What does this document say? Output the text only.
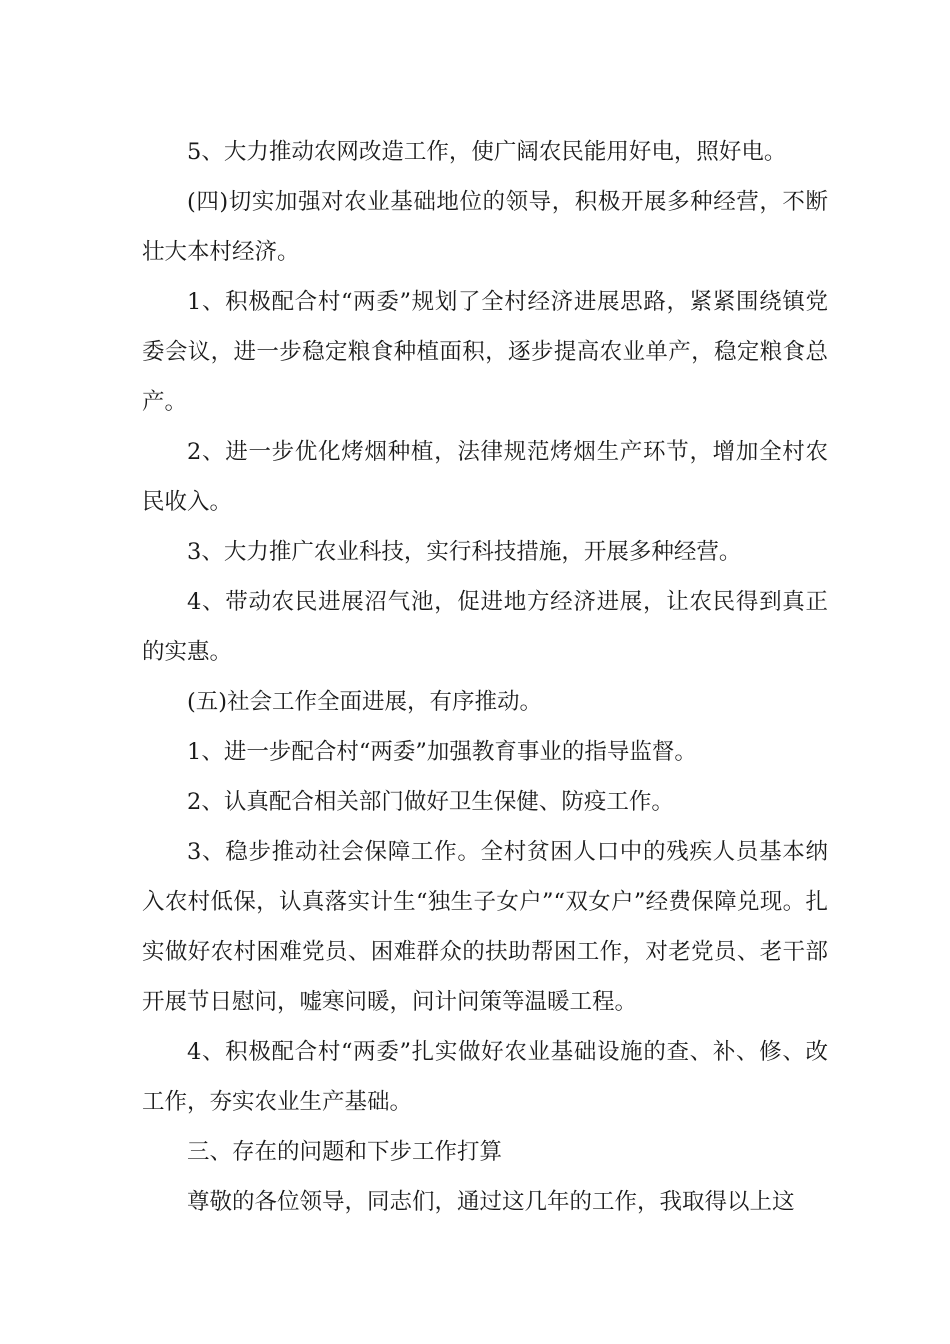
5、大力推动农网改造工作，使广阔农民能用好电，照好电。

(四)切实加强对农业基础地位的领导，积极开展多种经营，不断壮大本村经济。

1、积极配合村“两委”规划了全村经济进展思路，紧紧围绕镇党委会议，进一步稳定粮食种植面积，逐步提高农业单产，稳定粮食总产。

2、进一步优化烤烟种植，法律规范烤烟生产环节，增加全村农民收入。

3、大力推广农业科技，实行科技措施，开展多种经营。

4、带动农民进展沼气池，促进地方经济进展，让农民得到真正的实惠。

(五)社会工作全面进展，有序推动。

1、进一步配合村“两委”加强教育事业的指导监督。

2、认真配合相关部门做好卫生保健、防疫工作。

3、稳步推动社会保障工作。全村贫困人口中的残疾人员基本纳入农村低保，认真落实计生“独生子女户”“双女户”经费保障兑现。扎实做好农村困难党员、困难群众的扶助帮困工作，对老党员、老干部开展节日慰问，嘘寒问暖，问计问策等温暖工程。

4、积极配合村“两委”扎实做好农业基础设施的查、补、修、改工作，夯实农业生产基础。

三、存在的问题和下步工作打算

尊敬的各位领导，同志们，通过这几年的工作，我取得以上这
